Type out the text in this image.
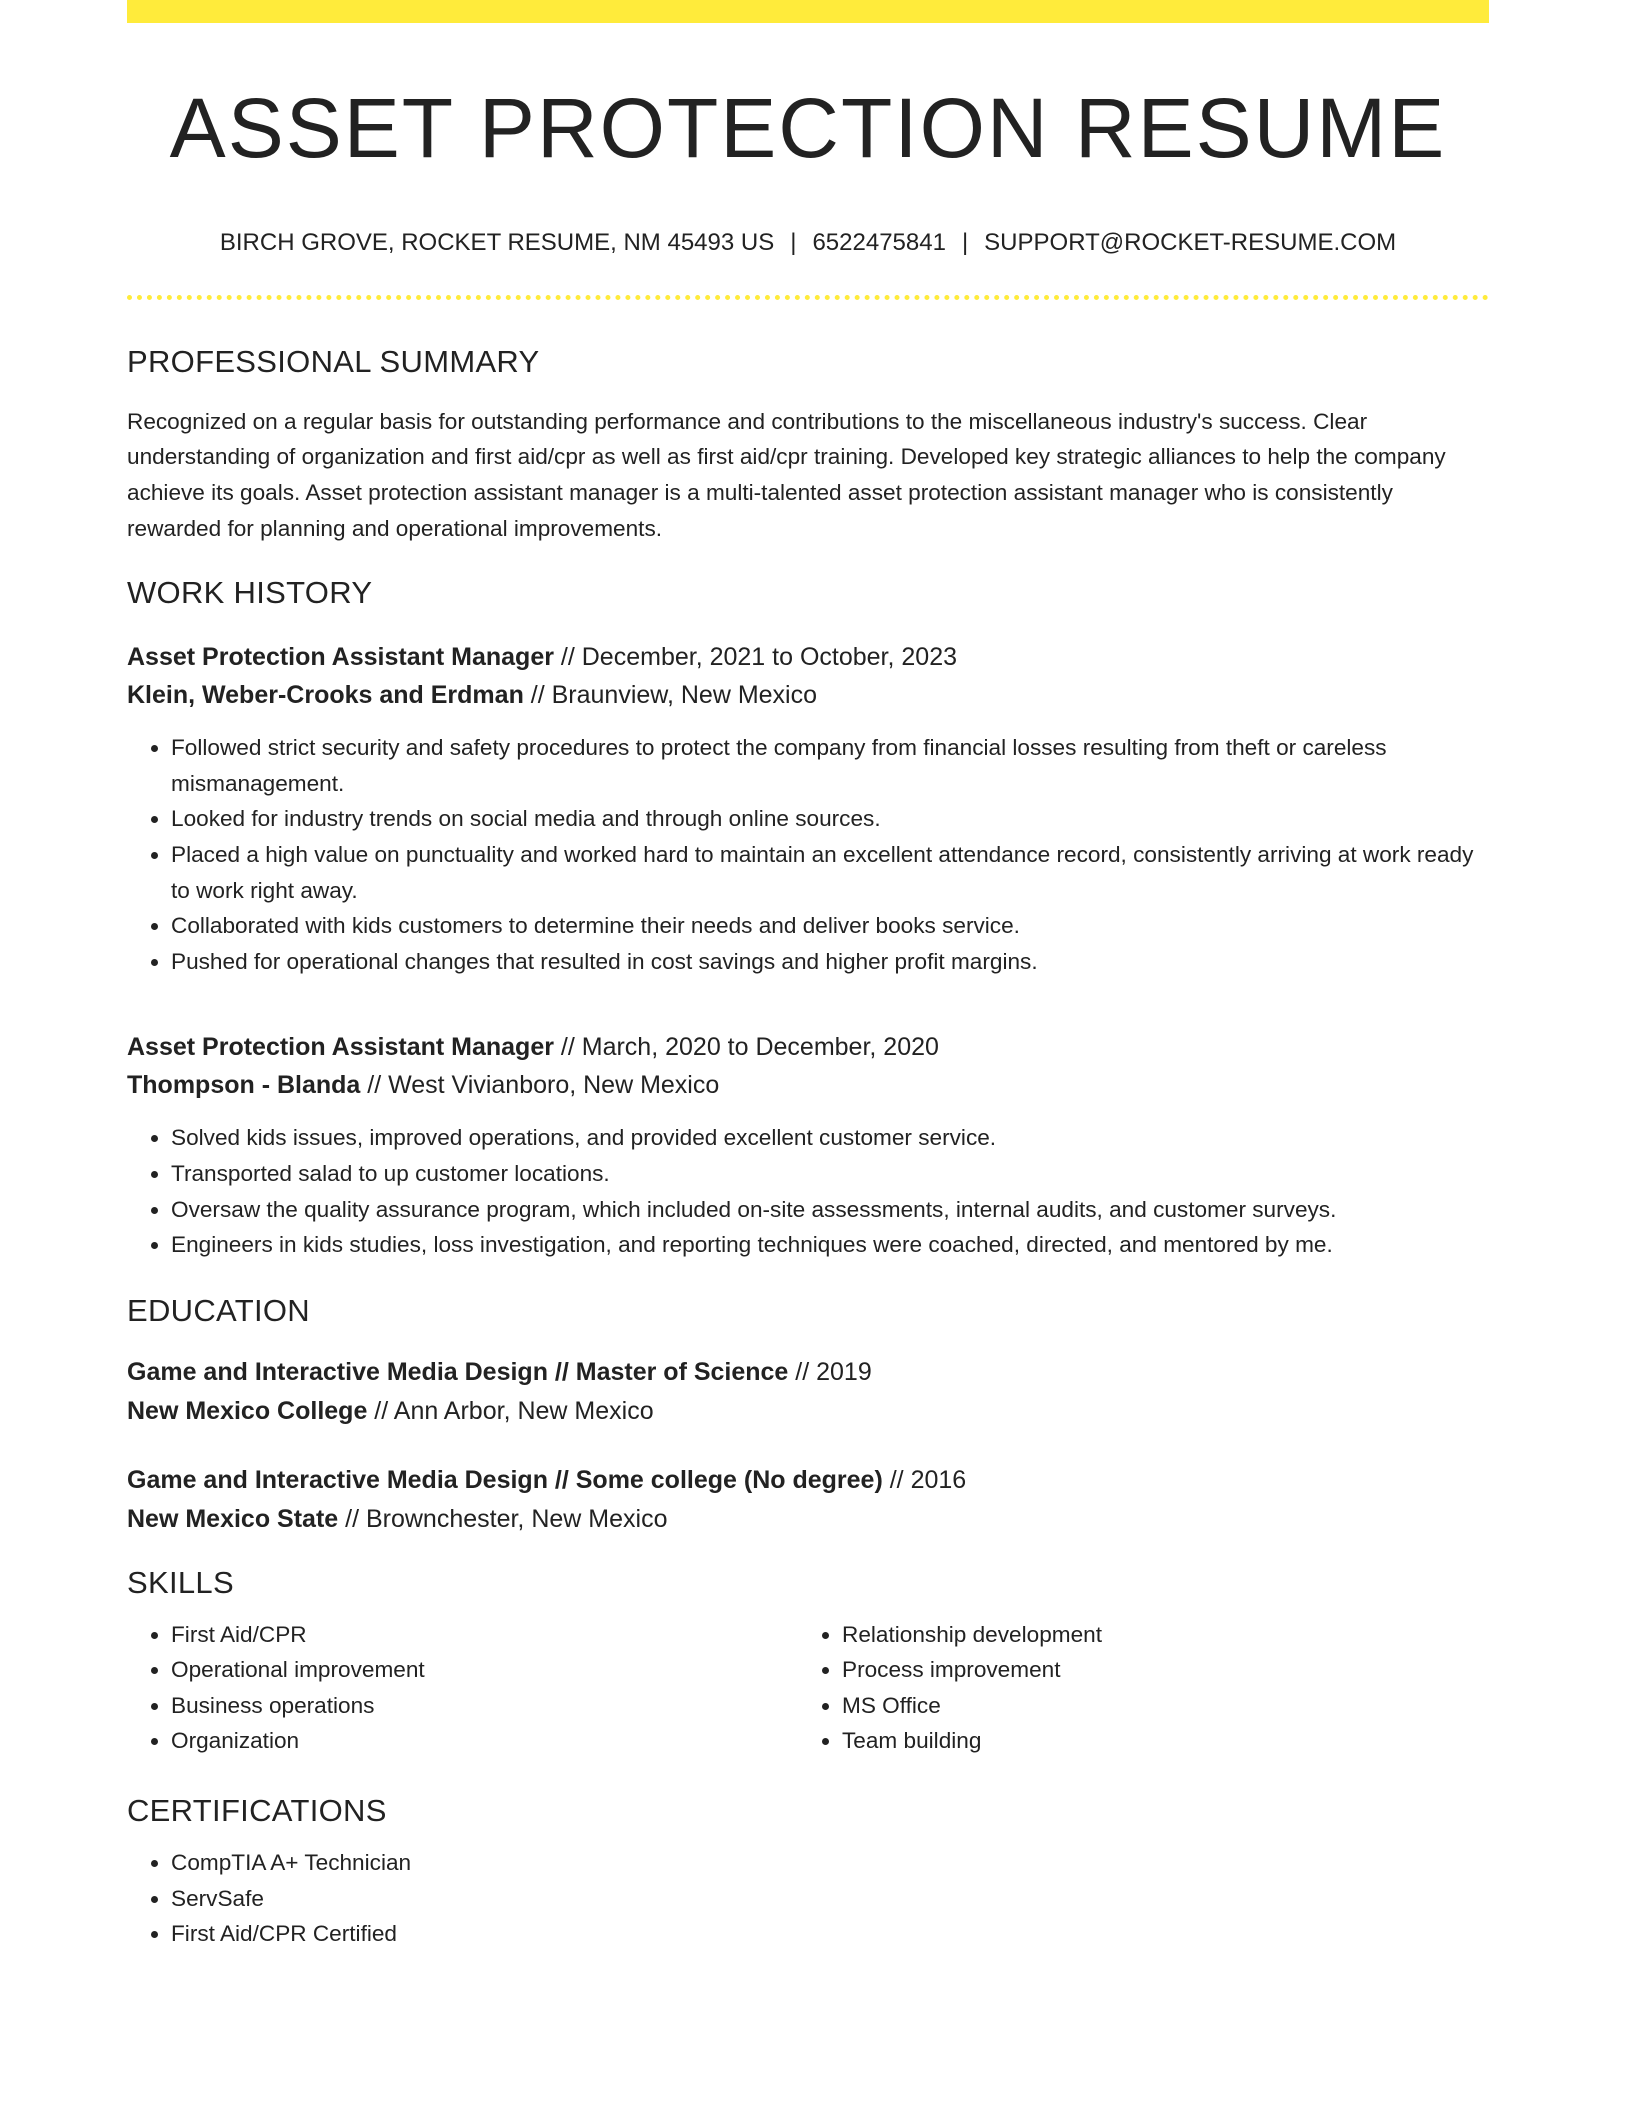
ASSET PROTECTION RESUME
BIRCH GROVE, ROCKET RESUME, NM 45493 US | 6522475841 | SUPPORT@ROCKET-RESUME.COM
PROFESSIONAL SUMMARY

Recognized on a regular basis for outstanding performance and contributions to the miscellaneous industry's success. Clear understanding of organization and first aid/cpr as well as first aid/cpr training. Developed key strategic alliances to help the company achieve its goals. Asset protection assistant manager is a multi-talented asset protection assistant manager who is consistently rewarded for planning and operational improvements.

WORK HISTORY
Asset Protection Assistant Manager // December, 2021 to October, 2023
Klein, Weber-Crooks and Erdman // Braunview, New Mexico
• Followed strict security and safety procedures to protect the company from financial losses resulting from theft or careless mismanagement.
• Looked for industry trends on social media and through online sources.
• Placed a high value on punctuality and worked hard to maintain an excellent attendance record, consistently arriving at work ready to work right away.
• Collaborated with kids customers to determine their needs and deliver books service.
• Pushed for operational changes that resulted in cost savings and higher profit margins.
Asset Protection Assistant Manager // March, 2020 to December, 2020
Thompson - Blanda // West Vivianboro, New Mexico
• Solved kids issues, improved operations, and provided excellent customer service.
• Transported salad to up customer locations.
• Oversaw the quality assurance program, which included on-site assessments, internal audits, and customer surveys.
• Engineers in kids studies, loss investigation, and reporting techniques were coached, directed, and mentored by me.
EDUCATION
Game and Interactive Media Design // Master of Science // 2019
New Mexico College // Ann Arbor, New Mexico
Game and Interactive Media Design // Some college (No degree) // 2016
New Mexico State // Brownchester, New Mexico
SKILLS
• First Aid/CPR
• Operational improvement
• Business operations
• Organization
• Relationship development
• Process improvement
• MS Office
• Team building
CERTIFICATIONS
• CompTIA A+ Technician
• ServSafe
• First Aid/CPR Certified
